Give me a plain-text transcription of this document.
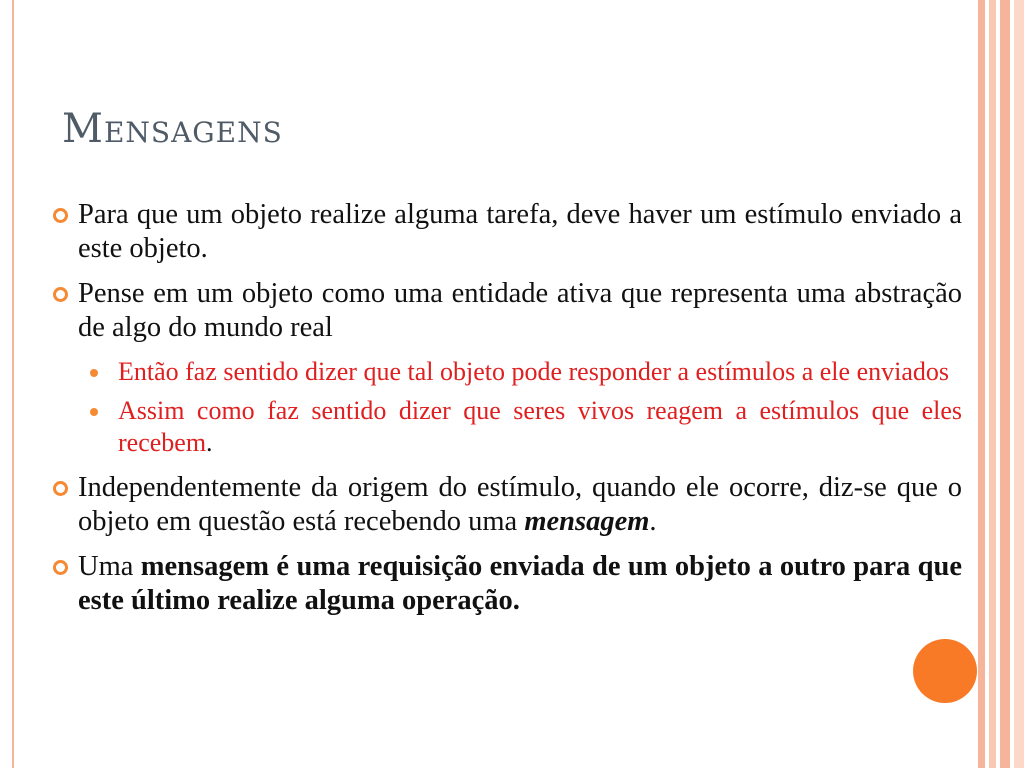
Mensagens

Para que um objeto realize alguma tarefa, deve haver um estímulo enviado a este objeto.

Pense em um objeto como uma entidade ativa que representa uma abstração de algo do mundo real

Então faz sentido dizer que tal objeto pode responder a estímulos a ele enviados

Assim como faz sentido dizer que seres vivos reagem a estímulos que eles recebem.

Independentemente da origem do estímulo, quando ele ocorre, diz-se que o objeto em questão está recebendo uma mensagem.

Uma mensagem é uma requisição enviada de um objeto a outro para que este último realize alguma operação.
